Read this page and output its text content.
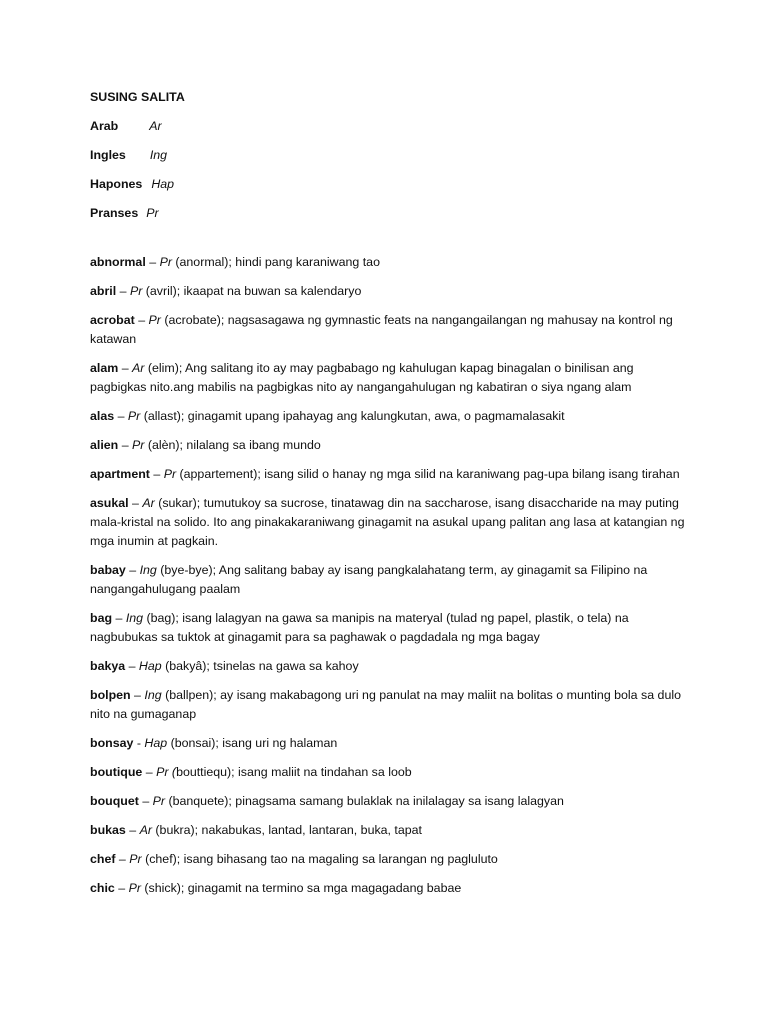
SUSING SALITA
Arab	Ar
Ingles Ing
Hapones Hap
Pranses Pr
abnormal – Pr (anormal); hindi pang karaniwang tao
abril – Pr (avril); ikaapat na buwan sa kalendaryo
acrobat – Pr (acrobate); nagsasagawa ng gymnastic feats na nangangailangan ng mahusay na kontrol ng katawan
alam – Ar (elim); Ang salitang ito ay may pagbabago ng kahulugan kapag binagalan o binilisan ang pagbigkas nito.ang mabilis na pagbigkas nito ay nangangahulugan ng kabatiran o siya ngang alam
alas – Pr (allast); ginagamit upang ipahayag ang kalungkutan, awa, o pagmamalasakit
alien – Pr (alèn); nilalang sa ibang mundo
apartment – Pr (appartement); isang silid o hanay ng mga silid na karaniwang pag-upa bilang isang tirahan
asukal – Ar (sukar); tumutukoy sa sucrose, tinatawag din na saccharose, isang disaccharide na may puting mala-kristal na solido. Ito ang pinakakaraniwang ginagamit na asukal upang palitan ang lasa at katangian ng mga inumin at pagkain.
babay – Ing (bye-bye); Ang salitang babay ay isang pangkalahatang term, ay ginagamit sa Filipino na nangangahulugang paalam
bag – Ing (bag); isang lalagyan na gawa sa manipis na materyal (tulad ng papel, plastik, o tela) na nagbubukas sa tuktok at ginagamit para sa paghawak o pagdadala ng mga bagay
bakya – Hap (bakyâ); tsinelas na gawa sa kahoy
bolpen – Ing (ballpen); ay isang makabagong uri ng panulat na may maliit na bolitas o munting bola sa dulo nito na gumaganap
bonsay - Hap (bonsai); isang uri ng halaman
boutique – Pr (bouttiequ); isang maliit na tindahan sa loob
bouquet – Pr (banquete); pinagsama samang bulaklak na inilalagay sa isang lalagyan
bukas – Ar (bukra); nakabukas, lantad, lantaran, buka, tapat
chef – Pr (chef); isang bihasang tao na magaling sa larangan ng pagluluto
chic – Pr (shick); ginagamit na termino sa mga magagadang babae
